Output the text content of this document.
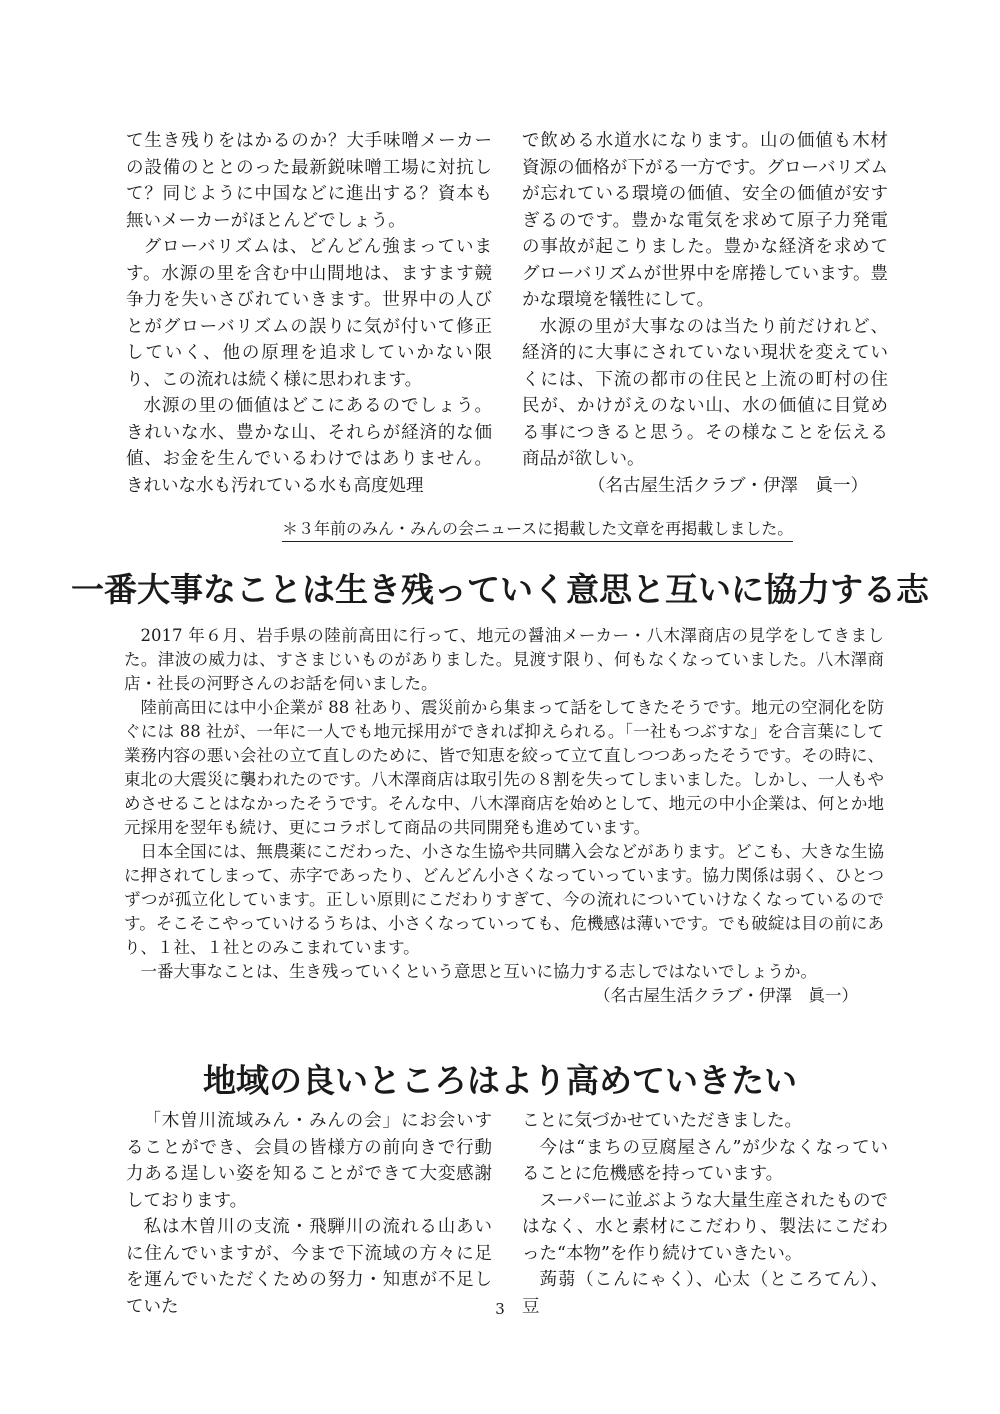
て生き残りをはかるのか？大手味噌メーカーの設備のととのった最新鋭味噌工場に対抗して？同じように中国などに進出する？資本も無いメーカーがほとんどでしょう。

グローバリズムは、どんどん強まっています。水源の里を含む中山間地は、ますます競争力を失いさびれていきます。世界中の人びとがグローバリズムの誤りに気が付いて修正していく、他の原理を追求していかない限り、この流れは続く様に思われます。

水源の里の価値はどこにあるのでしょう。きれいな水、豊かな山、それらが経済的な価値、お金を生んでいるわけではありません。きれいな水も汚れている水も高度処理

で飲める水道水になります。山の価値も木材資源の価格が下がる一方です。グローバリズムが忘れている環境の価値、安全の価値が安すぎるのです。豊かな電気を求めて原子力発電の事故が起こりました。豊かな経済を求めてグローバリズムが世界中を席捲しています。豊かな環境を犠牲にして。

水源の里が大事なのは当たり前だけれど、経済的に大事にされていない現状を変えていくには、下流の都市の住民と上流の町村の住民が、かけがえのない山、水の価値に目覚める事につきると思う。その様なことを伝える商品が欲しい。

（名古屋生活クラブ・伊澤　眞一）

＊３年前のみん・みんの会ニュースに掲載した文章を再掲載しました。
一番大事なことは生き残っていく意思と互いに協力する志

2017 年６月、岩手県の陸前高田に行って、地元の醤油メーカー・八木澤商店の見学をしてきました。津波の威力は、すさまじいものがありました。見渡す限り、何もなくなっていました。八木澤商店・社長の河野さんのお話を伺いました。

陸前高田には中小企業が 88 社あり、震災前から集まって話をしてきたそうです。地元の空洞化を防ぐには 88 社が、一年に一人でも地元採用ができれば抑えられる。「一社もつぶすな」を合言葉にして業務内容の悪い会社の立て直しのために、皆で知恵を絞って立て直しつつあったそうです。その時に、東北の大震災に襲われたのです。八木澤商店は取引先の８割を失ってしまいました。しかし、一人もやめさせることはなかったそうです。そんな中、八木澤商店を始めとして、地元の中小企業は、何とか地元採用を翌年も続け、更にコラボして商品の共同開発も進めています。

日本全国には、無農薬にこだわった、小さな生協や共同購入会などがあります。どこも、大きな生協に押されてしまって、赤字であったり、どんどん小さくなっていっています。協力関係は弱く、ひとつずつが孤立化しています。正しい原則にこだわりすぎて、今の流れについていけなくなっているのです。そこそこやっていけるうちは、小さくなっていっても、危機感は薄いです。でも破綻は目の前にあり、１社、１社とのみこまれています。

一番大事なことは、生き残っていくという意思と互いに協力する志しではないでしょうか。

（名古屋生活クラブ・伊澤　眞一）

地域の良いところはより高めていきたい

「木曽川流域みん・みんの会」にお会いすることができ、会員の皆様方の前向きで行動力ある逞しい姿を知ることができて大変感謝しております。

私は木曽川の支流・飛騨川の流れる山あいに住んでいますが、今まで下流域の方々に足を運んでいただくための努力・知恵が不足していた

ことに気づかせていただきました。

今は“まちの豆腐屋さん”が少なくなっていることに危機感を持っています。

スーパーに並ぶような大量生産されたものではなく、水と素材にこだわり、製法にこだわった“本物”を作り続けていきたい。

蒟蒻（こんにゃく）、心太（ところてん）、豆

3
